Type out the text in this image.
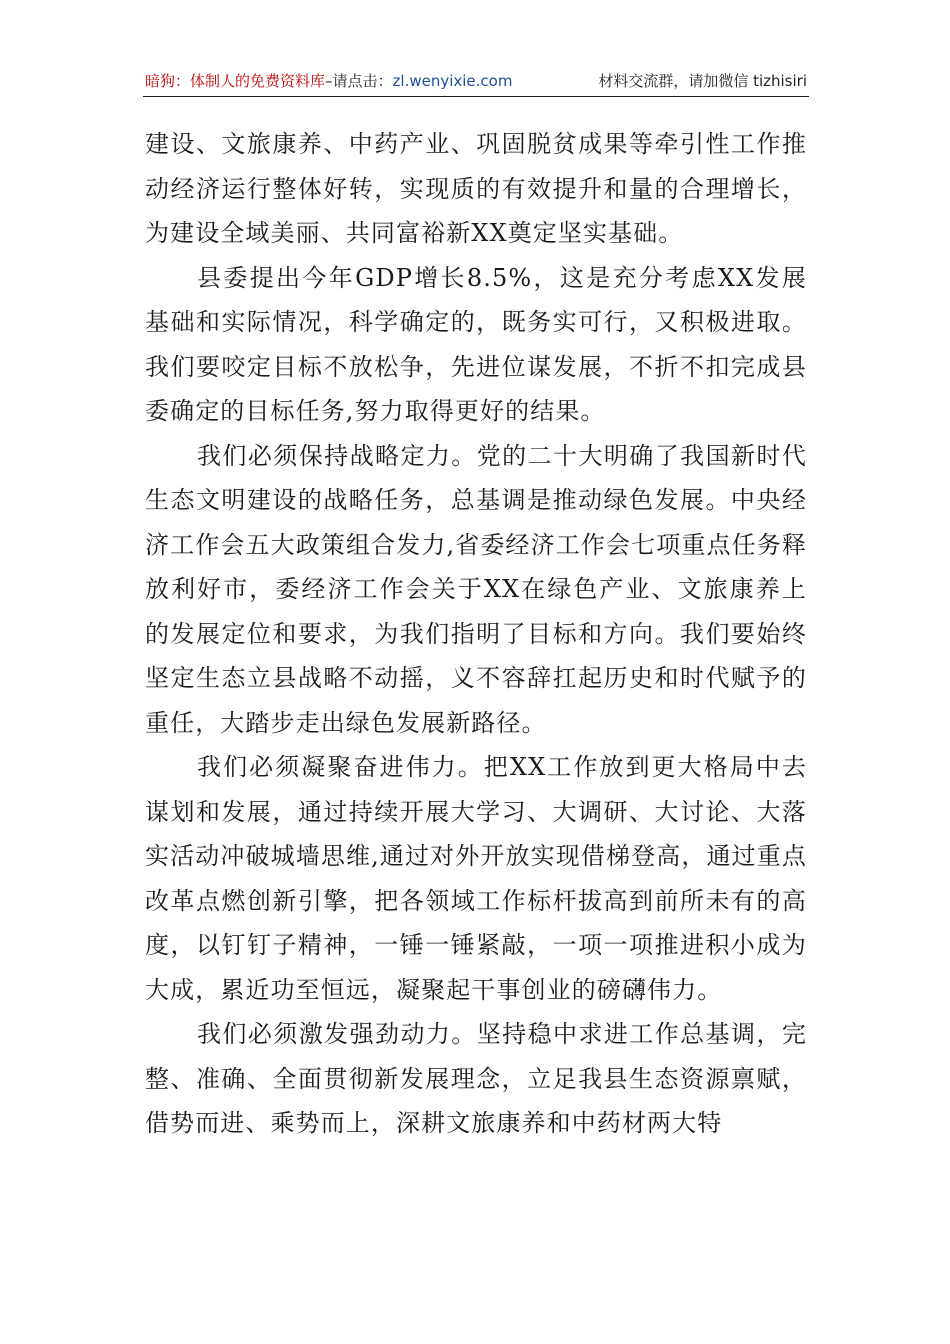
暗狗：体制人的免费资料库–请点击：zl.wenyixie.com	材料交流群，请加微信 tizhisiri

建设、文旅康养、中药产业、巩固脱贫成果等牵引性工作推动经济运行整体好转，实现质的有效提升和量的合理增长，为建设全域美丽、共同富裕新XX奠定坚实基础。

县委提出今年GDP增长8.5%，这是充分考虑XX发展基础和实际情况，科学确定的，既务实可行，又积极进取。我们要咬定目标不放松争，先进位谋发展，不折不扣完成县委确定的目标任务,努力取得更好的结果。

我们必须保持战略定力。党的二十大明确了我国新时代生态文明建设的战略任务，总基调是推动绿色发展。中央经济工作会五大政策组合发力,省委经济工作会七项重点任务释放利好市，委经济工作会关于XX在绿色产业、文旅康养上的发展定位和要求，为我们指明了目标和方向。我们要始终坚定生态立县战略不动摇，义不容辞扛起历史和时代赋予的重任，大踏步走出绿色发展新路径。

我们必须凝聚奋进伟力。把XX工作放到更大格局中去谋划和发展，通过持续开展大学习、大调研、大讨论、大落实活动冲破城墙思维,通过对外开放实现借梯登高，通过重点改革点燃创新引擎，把各领域工作标杆拔高到前所未有的高度，以钉钉子精神，一锤一锤紧敲，一项一项推进积小成为大成，累近功至恒远，凝聚起干事创业的磅礴伟力。

我们必须激发强劲动力。坚持稳中求进工作总基调，完整、准确、全面贯彻新发展理念，立足我县生态资源禀赋，借势而进、乘势而上，深耕文旅康养和中药材两大特
